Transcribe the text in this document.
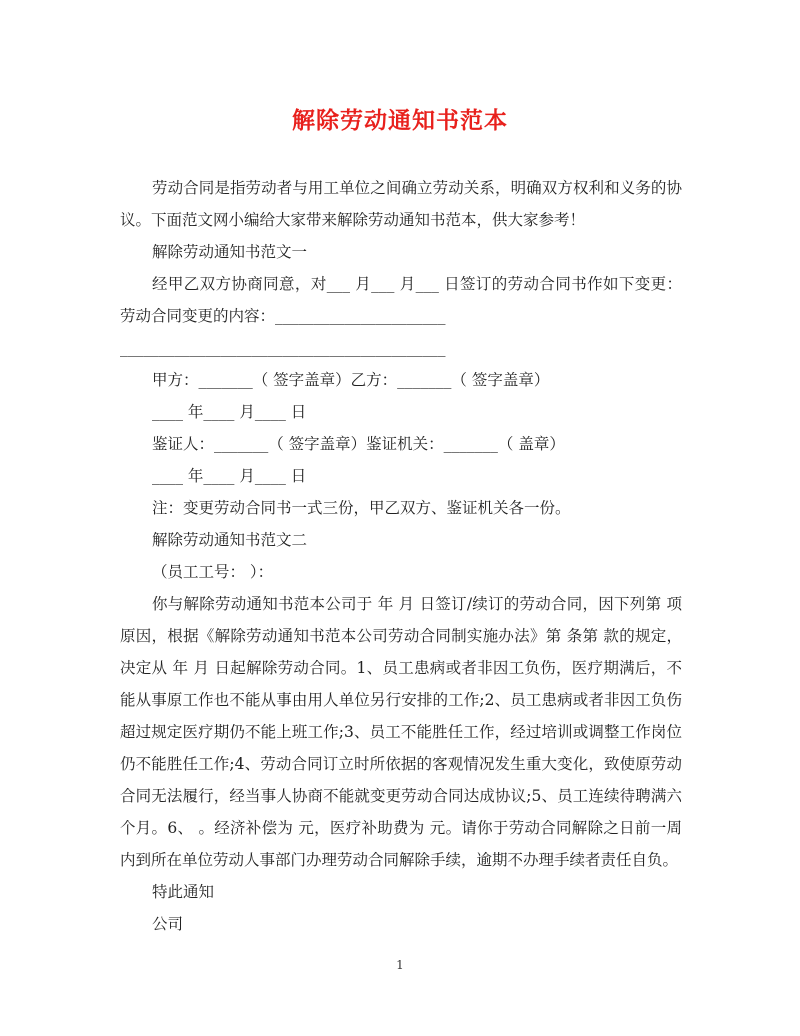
解除劳动通知书范本

劳动合同是指劳动者与用工单位之间确立劳动关系，明确双方权利和义务的协议。下面范文网小编给大家带来解除劳动通知书范本，供大家参考！

解除劳动通知书范文一

经甲乙双方协商同意，对___ 月___ 月___ 日签订的劳动合同书作如下变更：劳动合同变更的内容：______________________

__________________________________________

甲方：_______（ 签字盖章）乙方：_______（ 签字盖章）

____ 年____ 月____ 日

鉴证人：_______（ 签字盖章）鉴证机关：_______（ 盖章）

____ 年____ 月____ 日

注：变更劳动合同书一式三份，甲乙双方、鉴证机关各一份。

解除劳动通知书范文二

（员工工号： ）：

你与解除劳动通知书范本公司于 年 月 日签订/续订的劳动合同，因下列第 项原因，根据《解除劳动通知书范本公司劳动合同制实施办法》第 条第 款的规定，决定从 年 月 日起解除劳动合同。1、员工患病或者非因工负伤，医疗期满后，不能从事原工作也不能从事由用人单位另行安排的工作;2、员工患病或者非因工负伤超过规定医疗期仍不能上班工作;3、员工不能胜任工作，经过培训或调整工作岗位仍不能胜任工作;4、劳动合同订立时所依据的客观情况发生重大变化，致使原劳动合同无法履行，经当事人协商不能就变更劳动合同达成协议;5、员工连续待聘满六个月。6、 。经济补偿为 元，医疗补助费为 元。请你于劳动合同解除之日前一周内到所在单位劳动人事部门办理劳动合同解除手续，逾期不办理手续者责任自负。

特此通知

公司

1
